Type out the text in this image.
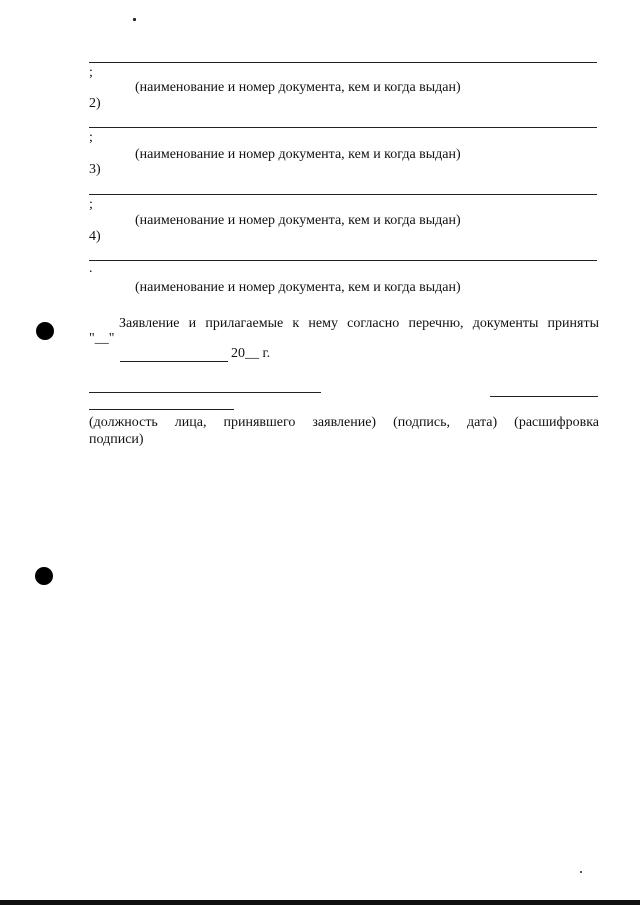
;
(наименование и номер документа, кем и когда выдан)
2)
;
(наименование и номер документа, кем и когда выдан)
3)
;
(наименование и номер документа, кем и когда выдан)
4)
.
(наименование и номер документа, кем и когда выдан)
Заявление и прилагаемые к нему согласно перечню, документы приняты
"__"
20__ г.
(должность лица, принявшего заявление) (подпись, дата) (расшифровка
подписи)
